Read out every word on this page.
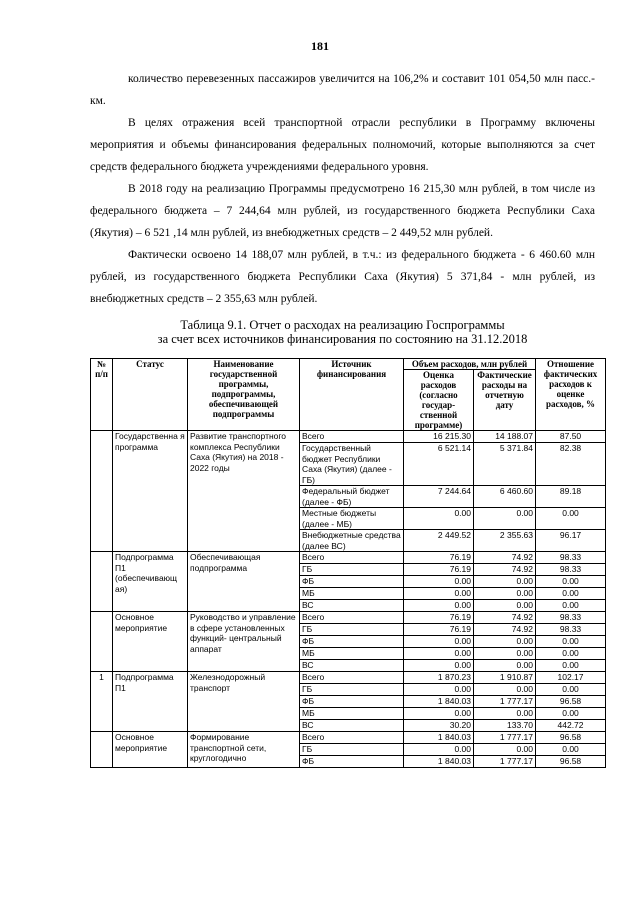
181

количество перевезенных пассажиров увеличится на 106,2% и составит 101 054,50 млн пасс.-км.

В целях отражения всей транспортной отрасли республики в Программу включены мероприятия и объемы финансирования федеральных полномочий, которые выполняются за счет средств федерального бюджета учреждениями федерального уровня.

В 2018 году на реализацию Программы предусмотрено 16 215,30 млн рублей, в том числе из федерального бюджета – 7 244,64 млн рублей, из государственного бюджета Республики Саха (Якутия) – 6 521 ,14 млн рублей, из внебюджетных средств – 2 449,52 млн рублей.

Фактически освоено 14 188,07 млн рублей, в т.ч.: из федерального бюджета - 6 460.60 млн рублей, из государственного бюджета Республики Саха (Якутия) 5 371,84 - млн рублей, из внебюджетных средств – 2 355,63 млн рублей.

Таблица 9.1. Отчет о расходах на реализацию Госпрограммы
за счет всех источников финансирования по состоянию на 31.12.2018
№ п/п	Статус	Наименование государственной программы, подпрограммы, обеспечивающей подпрограммы	Источник финансирования	Объем расходов, млн рублей		Отношение фактических расходов к оценке расходов, %
				Оценка расходов (согласно государ-ственной программе)	Фактические расходы на отчетную дату	
	Государственна я программа	Развитие транспортного комплекса Республики Саха (Якутия) на 2018 - 2022 годы	Всего	16 215.30	14 188.07	87.50
			Государственный бюджет Республики Саха (Якутия) (далее - ГБ)	6 521.14	5 371.84	82.38
			Федеральный бюджет (далее - ФБ)	7 244.64	6 460.60	89.18
			Местные бюджеты (далее - МБ)	0.00	0.00	0.00
			Внебюджетные средства (далее ВС)	2 449.52	2 355.63	96.17
	Подпрограмма П1 (обеспечивающ ая)	Обеспечивающая подпрограмма	Всего	76.19	74.92	98.33
			ГБ	76.19	74.92	98.33
			ФБ	0.00	0.00	0.00
			МБ	0.00	0.00	0.00
			ВС	0.00	0.00	0.00
	Основное мероприятие	Руководство и управление в сфере установленных функций- центральный аппарат	Всего	76.19	74.92	98.33
			ГБ	76.19	74.92	98.33
			ФБ	0.00	0.00	0.00
			МБ	0.00	0.00	0.00
			ВС	0.00	0.00	0.00
1	Подпрограмма П1	Железнодорожный транспорт	Всего	1 870.23	1 910.87	102.17
			ГБ	0.00	0.00	0.00
			ФБ	1 840.03	1 777.17	96.58
			МБ	0.00	0.00	0.00
			ВС	30.20	133.70	442.72
	Основное мероприятие	Формирование транспортной сети, круглогодично	Всего	1 840.03	1 777.17	96.58
			ГБ	0.00	0.00	0.00
			ФБ	1 840.03	1 777.17	96.58
